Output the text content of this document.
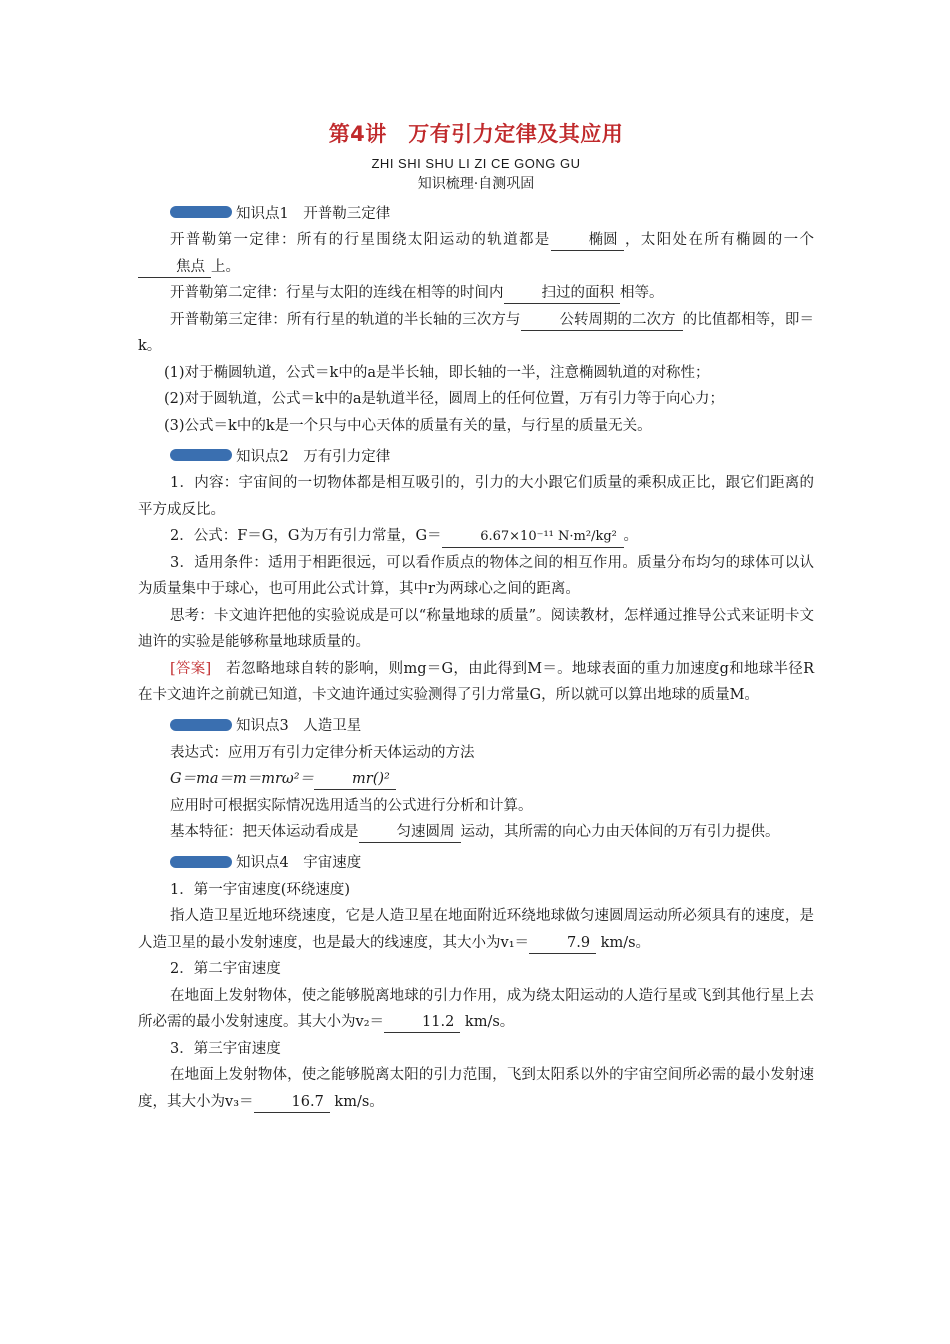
第4讲　万有引力定律及其应用
ZHI SHI SHU LI ZI CE GONG GU
知识梳理·自测巩固
知识点1　开普勒三定律

开普勒第一定律：所有的行星围绕太阳运动的轨道都是	椭圆 ，太阳处在所有椭圆的一个焦点 上。

开普勒第二定律：行星与太阳的连线在相等的时间内	扫过的面积 相等。

开普勒第三定律：所有行星的轨道的半长轴的三次方与	公转周期的二次方 的比值都相等，即＝k。

(1)对于椭圆轨道，公式＝k中的a是半长轴，即长轴的一半，注意椭圆轨道的对称性；

(2)对于圆轨道，公式＝k中的a是轨道半径，圆周上的任何位置，万有引力等于向心力；

(3)公式＝k中的k是一个只与中心天体的质量有关的量，与行星的质量无关。

知识点2　万有引力定律

1．内容：宇宙间的一切物体都是相互吸引的，引力的大小跟它们质量的乘积成正比，跟它们距离的平方成反比。

2．公式：F＝G，G为万有引力常量，G＝	6.67×10⁻¹¹ N·m²/kg² 。

3．适用条件：适用于相距很远，可以看作质点的物体之间的相互作用。质量分布均匀的球体可以认为质量集中于球心，也可用此公式计算，其中r为两球心之间的距离。

思考：卡文迪许把他的实验说成是可以“称量地球的质量”。阅读教材，怎样通过推导公式来证明卡文迪许的实验是能够称量地球质量的。

[答案]　若忽略地球自转的影响，则mg＝G，由此得到M＝。地球表面的重力加速度g和地球半径R在卡文迪许之前就已知道，卡文迪许通过实验测得了引力常量G，所以就可以算出地球的质量M。

知识点3　人造卫星

表达式：应用万有引力定律分析天体运动的方法

G＝ma＝m＝mrω²＝	mr()²

应用时可根据实际情况选用适当的公式进行分析和计算。

基本特征：把天体运动看成是	匀速圆周 运动，其所需的向心力由天体间的万有引力提供。

知识点4　宇宙速度

1．第一宇宙速度(环绕速度)

指人造卫星近地环绕速度，它是人造卫星在地面附近环绕地球做匀速圆周运动所必须具有的速度，是人造卫星的最小发射速度，也是最大的线速度，其大小为v₁＝	7.9 km/s。

2．第二宇宙速度

在地面上发射物体，使之能够脱离地球的引力作用，成为绕太阳运动的人造行星或飞到其他行星上去所必需的最小发射速度。其大小为v₂＝	11.2 km/s。

3．第三宇宙速度

在地面上发射物体，使之能够脱离太阳的引力范围，飞到太阳系以外的宇宙空间所必需的最小发射速度，其大小为v₃＝	16.7 km/s。
